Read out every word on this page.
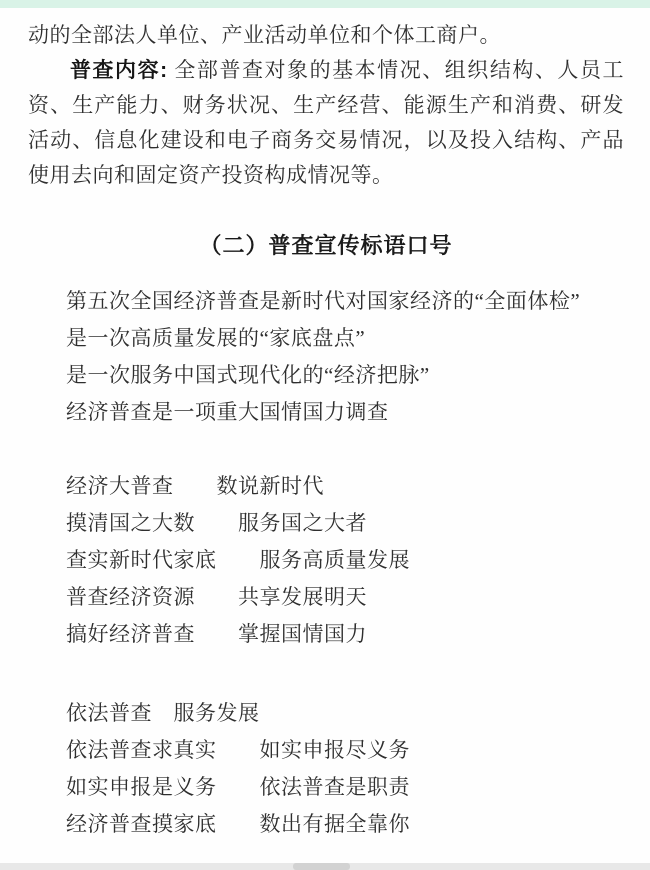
动的全部法人单位、产业活动单位和个体工商户。

普查内容: 全部普查对象的基本情况、组织结构、人员工资、生产能力、财务状况、生产经营、能源生产和消费、研发活动、信息化建设和电子商务交易情况，以及投入结构、产品使用去向和固定资产投资构成情况等。

（二）普查宣传标语口号

第五次全国经济普查是新时代对国家经济的“全面体检”

是一次高质量发展的“家底盘点”

是一次服务中国式现代化的“经济把脉”

经济普查是一项重大国情国力调查

经济大普查　　数说新时代

摸清国之大数　　服务国之大者

查实新时代家底　　服务高质量发展

普查经济资源　　共享发展明天

搞好经济普查　　掌握国情国力

依法普查　服务发展

依法普查求真实　　如实申报尽义务

如实申报是义务　　依法普查是职责

经济普查摸家底　　数出有据全靠你
